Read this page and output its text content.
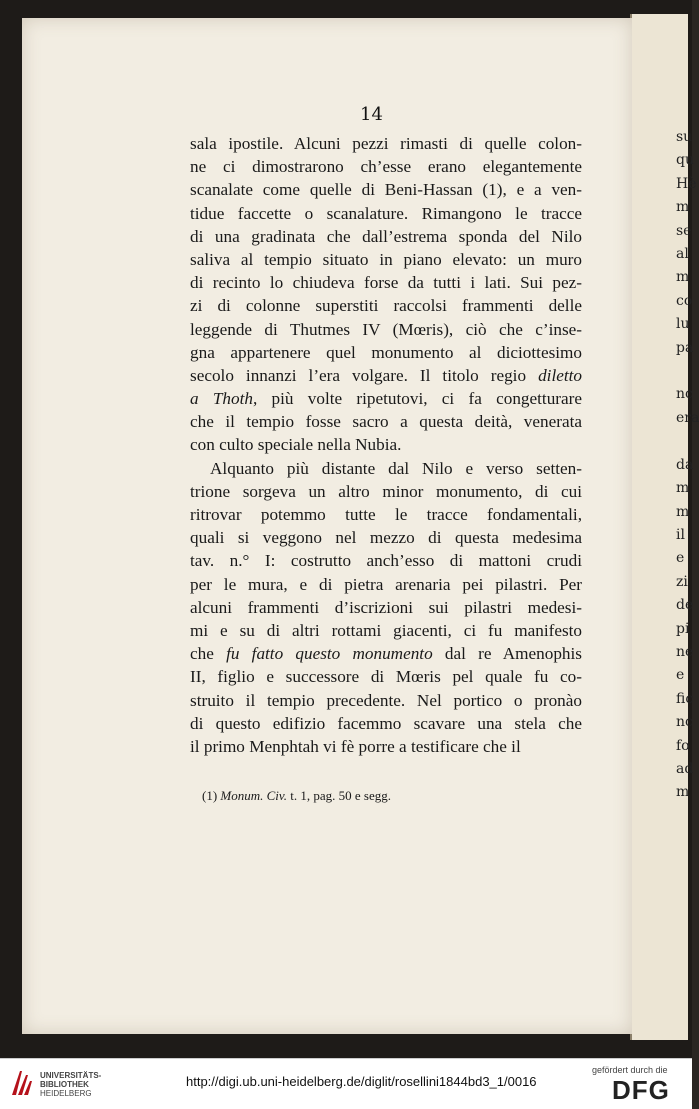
su
qu
Hè
m
se
al
m
co
lu
pa

nc
era

da
m
m
il
e
zi
de
pi
ne
e
fic
nc
fo
ad
m
14
sala ipostile. Alcuni pezzi rimasti di quelle colon-
ne ci dimostrarono ch’esse erano elegantemente
scanalate come quelle di Beni-Hassan (1), e a ven-
tidue faccette o scanalature. Rimangono le tracce
di una gradinata che dall’estrema sponda del Nilo
saliva al tempio situato in piano elevato: un muro
di recinto lo chiudeva forse da tutti i lati. Sui pez-
zi di colonne superstiti raccolsi frammenti delle
leggende di Thutmes IV (Mœris), ciò che c’inse-
gna appartenere quel monumento al diciottesimo
secolo innanzi l’era volgare. Il titolo regio diletto
a Thoth, più volte ripetutovi, ci fa congetturare
che il tempio fosse sacro a questa deità, venerata
con culto speciale nella Nubia.
Alquanto più distante dal Nilo e verso setten-
trione sorgeva un altro minor monumento, di cui
ritrovar potemmo tutte le tracce fondamentali,
quali si veggono nel mezzo di questa medesima
tav. n.° I: costrutto anch’esso di mattoni crudi
per le mura, e di pietra arenaria pei pilastri. Per
alcuni frammenti d’iscrizioni sui pilastri medesi-
mi e su di altri rottami giacenti, ci fu manifesto
che fu fatto questo monumento dal re Amenophis
II, figlio e successore di Mœris pel quale fu co-
struito il tempio precedente. Nel portico o pronào
di questo edifizio facemmo scavare una stela che
il primo Menphtah vi fè porre a testificare che il
(1) Monum. Civ. t. 1, pag. 50 e segg.
UNIVERSITÄTS-
BIBLIOTHEK
HEIDELBERG
http://digi.ub.uni-heidelberg.de/diglit/rosellini1844bd3_1/0016
gefördert durch die
DFG
